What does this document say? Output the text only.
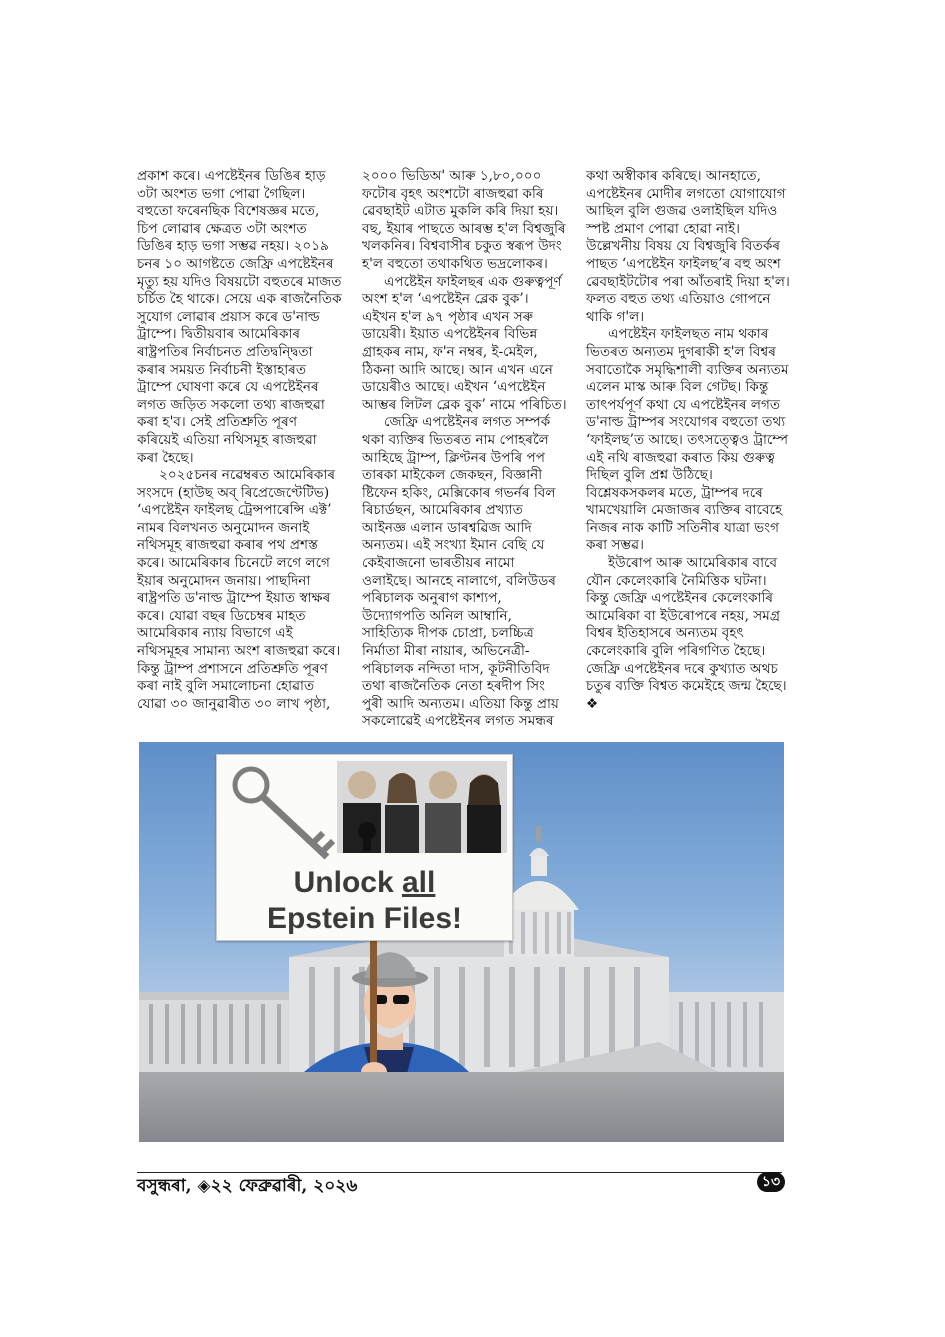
প্ৰকাশ কৰে। এপষ্টেইনৰ ডিঙিৰ হাড় ৩টা অংশত ভগা পোৱা গৈছিল। বহুতো ফৰেনছিক বিশেষজ্ঞৰ মতে, চিপ লোৱাৰ ক্ষেত্ৰত ৩টা অংশত ডিঙিৰ হাড় ভগা সম্ভৱ নহয়। ২০১৯ চনৰ ১০ আগষ্টতে জেফ্ৰি এপষ্টেইনৰ মৃত্যু হয় যদিও বিষয়টো বহুতৰে মাজত চৰ্চিত হৈ থাকে। সেয়ে এক ৰাজনৈতিক সুযোগ লোৱাৰ প্ৰয়াস কৰে ড'নাল্ড ট্ৰাম্পে। দ্বিতীয়বাৰ আমেৰিকাৰ ৰাষ্ট্ৰপতিৰ নিৰ্বাচনত প্ৰতিদ্বন্দ্বিতা কৰাৰ সময়ত নিৰ্বাচনী ইস্তাহাৰত ট্ৰাম্পে ঘোষণা কৰে যে এপষ্টেইনৰ লগত জড়িত সকলো তথ্য ৰাজহুৱা কৰা হ'ব। সেই প্ৰতিশ্ৰুতি পূৰণ কৰিয়েই এতিয়া নথিসমূহ ৰাজহুৱা কৰা হৈছে।

২০২৫চনৰ নৱেম্বৰত আমেৰিকাৰ সংসদে (হাউছ অব্ ৰিপ্ৰেজেণ্টেটিভ) ‘এপষ্টেইন ফাইলছ ট্ৰেন্সপাৰেন্সি এক্ট’ নামৰ বিলখনত অনুমোদন জনাই নথিসমূহ ৰাজহুৱা কৰাৰ পথ প্ৰশস্ত কৰে। আমেৰিকাৰ চিনেটে লগে লগে ইয়াৰ অনুমোদন জনায়। পাছদিনা ৰাষ্ট্ৰপতি ড'নাল্ড ট্ৰাম্পে ইয়াত স্বাক্ষৰ কৰে। যোৱা বছৰ ডিচেম্বৰ মাহত আমেৰিকাৰ ন্যায় বিভাগে এই নথিসমূহৰ সামান্য অংশ ৰাজহুৱা কৰে। কিন্তু ট্ৰাম্প প্ৰশাসনে প্ৰতিশ্ৰুতি পূৰণ কৰা নাই বুলি সমালোচনা হোৱাত যোৱা ৩০ জানুৱাৰীত ৩০ লাখ পৃষ্ঠা,

২০০০ ভিডিঅ' আৰু ১,৮০,০০০ ফটোৰ বৃহৎ অংশটো ৰাজহুৱা কৰি ৱেবছাইট এটাত মুকলি কৰি দিয়া হয়। বছ, ইয়াৰ পাছতে আৰম্ভ হ'ল বিশ্বজুৰি খলকনিৰ। বিশ্ববাসীৰ চকুত স্বৰূপ উদং হ'ল বহুতো তথাকথিত ভদ্ৰলোকৰ।

এপষ্টেইন ফাইলছৰ এক গুৰুত্বপূৰ্ণ অংশ হ'ল ‘এপষ্টেইন ব্লেক বুক’। এইখন হ'ল ৯৭ পৃষ্ঠাৰ এখন সৰু ডায়েৰী। ইয়াত এপষ্টেইনৰ বিভিন্ন গ্ৰাহকৰ নাম, ফ'ন নম্বৰ, ই-মেইল, ঠিকনা আদি আছে। আন এখন এনে ডায়েৰীও আছে। এইখন ‘এপষ্টেইন আম্ভৰ লিটল ব্লেক বুক’ নামে পৰিচিত।

জেফ্ৰি এপষ্টেইনৰ লগত সম্পৰ্ক থকা ব্যক্তিৰ ভিতৰত নাম পোহৰলৈ আহিছে ট্ৰাম্প, ক্লিণ্টনৰ উপৰি পপ তাৰকা মাইকেল জেকছন, বিজ্ঞানী ষ্টিফেন হকিং, মেক্সিকোৰ গভৰ্নৰ বিল ৰিচাৰ্ডছন, আমেৰিকাৰ প্ৰখ্যাত আইনজ্ঞ এলান ডাৰশ্বৱিজ আদি অন্যতম। এই সংখ্যা ইমান বেছি যে কেইবাজনো ভাৰতীয়ৰ নামো ওলাইছে। আনহে নালাগে, বলিউডৰ পৰিচালক অনুৰাগ কাশ্যপ, উদ্যোগপতি অনিল আম্বানি, সাহিত্যিক দীপক চোপ্ৰা, চলচ্চিত্ৰ নিৰ্মাতা মীৰা নায়াৰ, অভিনেত্ৰী-পৰিচালক নন্দিতা দাস, কূটনীতিবিদ তথা ৰাজনৈতিক নেতা হৰদীপ সিং পুৰী আদি অন্যতম। এতিয়া কিন্তু প্ৰায় সকলোৱেই এপষ্টেইনৰ লগত সমন্ধৰ

কথা অস্বীকাৰ কৰিছে। আনহাতে, এপষ্টেইনৰ মোদীৰ লগতো যোগাযোগ আছিল বুলি গুজৱ ওলাইছিল যদিও স্পষ্ট প্ৰমাণ পোৱা হোৱা নাই। উল্লেখনীয় বিষয় যে বিশ্বজুৰি বিতৰ্কৰ পাছত ‘এপষ্টেইন ফাইলছ’ৰ বহু অংশ ৱেবছাইটটোৰ পৰা আঁতৰাই দিয়া হ'ল। ফলত বহুত তথ্য এতিয়াও গোপনে থাকি গ'ল।

এপষ্টেইন ফাইলছত নাম থকাৰ ভিতৰত অন্যতম দুগৰাকী হ'ল বিশ্বৰ সবাতোকৈ সমৃদ্ধিশালী ব্যক্তিৰ অন্যতম এলেন মাস্ক আৰু বিল গেটছ। কিন্তু তাৎপৰ্যপূৰ্ণ কথা যে এপষ্টেইনৰ লগত ড'নাল্ড ট্ৰাম্পৰ সংযোগৰ বহুতো তথ্য ‘ফাইলছ’ত আছে। তৎসত্ত্বেও ট্ৰাম্পে এই নথি ৰাজহুৱা কৰাত কিয় গুৰুত্ব দিছিল বুলি প্ৰশ্ন উঠিছে। বিশ্লেষকসকলৰ মতে, ট্ৰাম্পৰ দৰে খামখেয়ালি মেজাজৰ ব্যক্তিৰ বাবেহে নিজৰ নাক কাটি সতিনীৰ যাত্ৰা ভংগ কৰা সম্ভৱ।

ইউৰোপ আৰু আমেৰিকাৰ বাবে যৌন কেলেংকাৰি নৈমিত্তিক ঘটনা। কিন্তু জেফ্ৰি এপষ্টেইনৰ কেলেংকাৰি আমেৰিকা বা ইউৰোপৰে নহয়, সমগ্ৰ বিশ্বৰ ইতিহাসৰে অন্যতম বৃহৎ কেলেংকাৰি বুলি পৰিগণিত হৈছে। জেফ্ৰি এপষ্টেইনৰ দৰে কুখ্যাত অথচ চতুৰ ব্যক্তি বিশ্বত কমেইহে জন্ম হৈছে। ❖

Unlock all
Epstein Files!
বসুন্ধৰা, ◈২২ ফেব্ৰুৱাৰী, ২০২৬	১৩
